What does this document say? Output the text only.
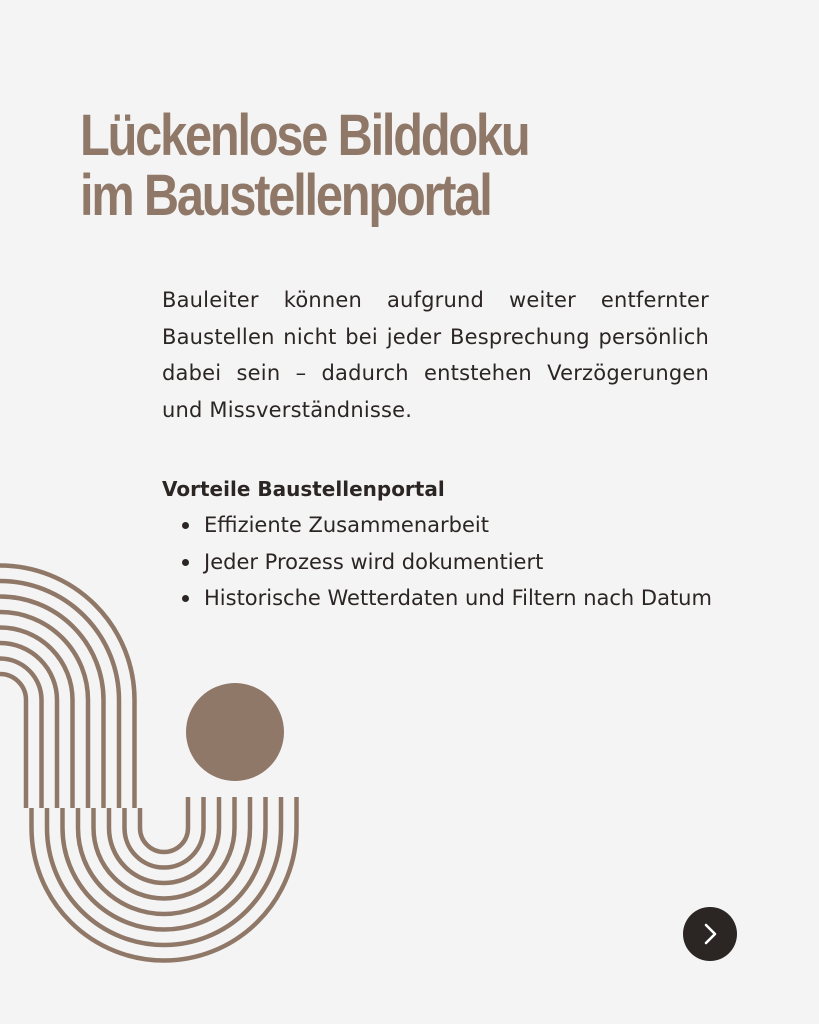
Lückenlose Bilddoku
im Baustellenportal

Bauleiter können aufgrund weiter entfernter Baustellen nicht bei jeder Besprechung persönlich dabei sein – dadurch entstehen Verzögerungen und Missverständnisse.

Vorteile Baustellenportal
Effiziente Zusammenarbeit
Jeder Prozess wird dokumentiert
Historische Wetterdaten und Filtern nach Datum
